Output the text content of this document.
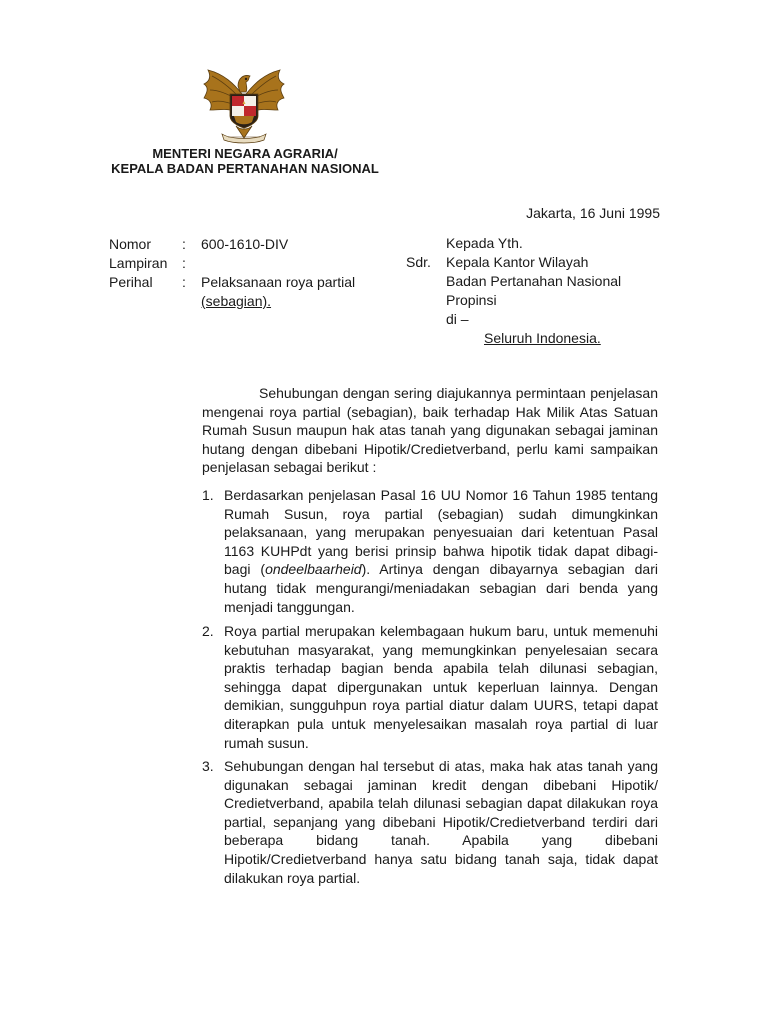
MENTERI NEGARA AGRARIA/
KEPALA BADAN PERTANAHAN NASIONAL
Jakarta, 16 Juni 1995
Nomor : 600-1610-DIV
Lampiran :
Perihal : Pelaksanaan roya partial
(sebagian).
Kepada Yth.
Sdr. Kepala Kantor Wilayah
Badan Pertanahan Nasional
Propinsi
di –
Seluruh Indonesia.

Sehubungan dengan sering diajukannya permintaan penjelasan mengenai roya partial (sebagian), baik terhadap Hak Milik Atas Satuan Rumah Susun maupun hak atas tanah yang digunakan sebagai jaminan hutang dengan dibebani Hipotik/Credietverband, perlu kami sampaikan penjelasan sebagai berikut :

1. Berdasarkan penjelasan Pasal 16 UU Nomor 16 Tahun 1985 tentang Rumah Susun, roya partial (sebagian) sudah dimungkinkan pelaksanaan, yang merupakan penyesuaian dari ketentuan Pasal 1163 KUHPdt yang berisi prinsip bahwa hipotik tidak dapat dibagi-bagi (ondeelbaarheid). Artinya dengan dibayarnya sebagian dari hutang tidak mengurangi/meniadakan sebagian dari benda yang menjadi tanggungan.
2. Roya partial merupakan kelembagaan hukum baru, untuk memenuhi kebutuhan masyarakat, yang memungkinkan penyelesaian secara praktis terhadap bagian benda apabila telah dilunasi sebagian, sehingga dapat dipergunakan untuk keperluan lainnya. Dengan demikian, sungguhpun roya partial diatur dalam UURS, tetapi dapat diterapkan pula untuk menyelesaikan masalah roya partial di luar rumah susun.
3. Sehubungan dengan hal tersebut di atas, maka hak atas tanah yang digunakan sebagai jaminan kredit dengan dibebani Hipotik/ Credietverband, apabila telah dilunasi sebagian dapat dilakukan roya partial, sepanjang yang dibebani Hipotik/Credietverband terdiri dari beberapa bidang tanah. Apabila yang dibebani Hipotik/Credietverband hanya satu bidang tanah saja, tidak dapat dilakukan roya partial.
